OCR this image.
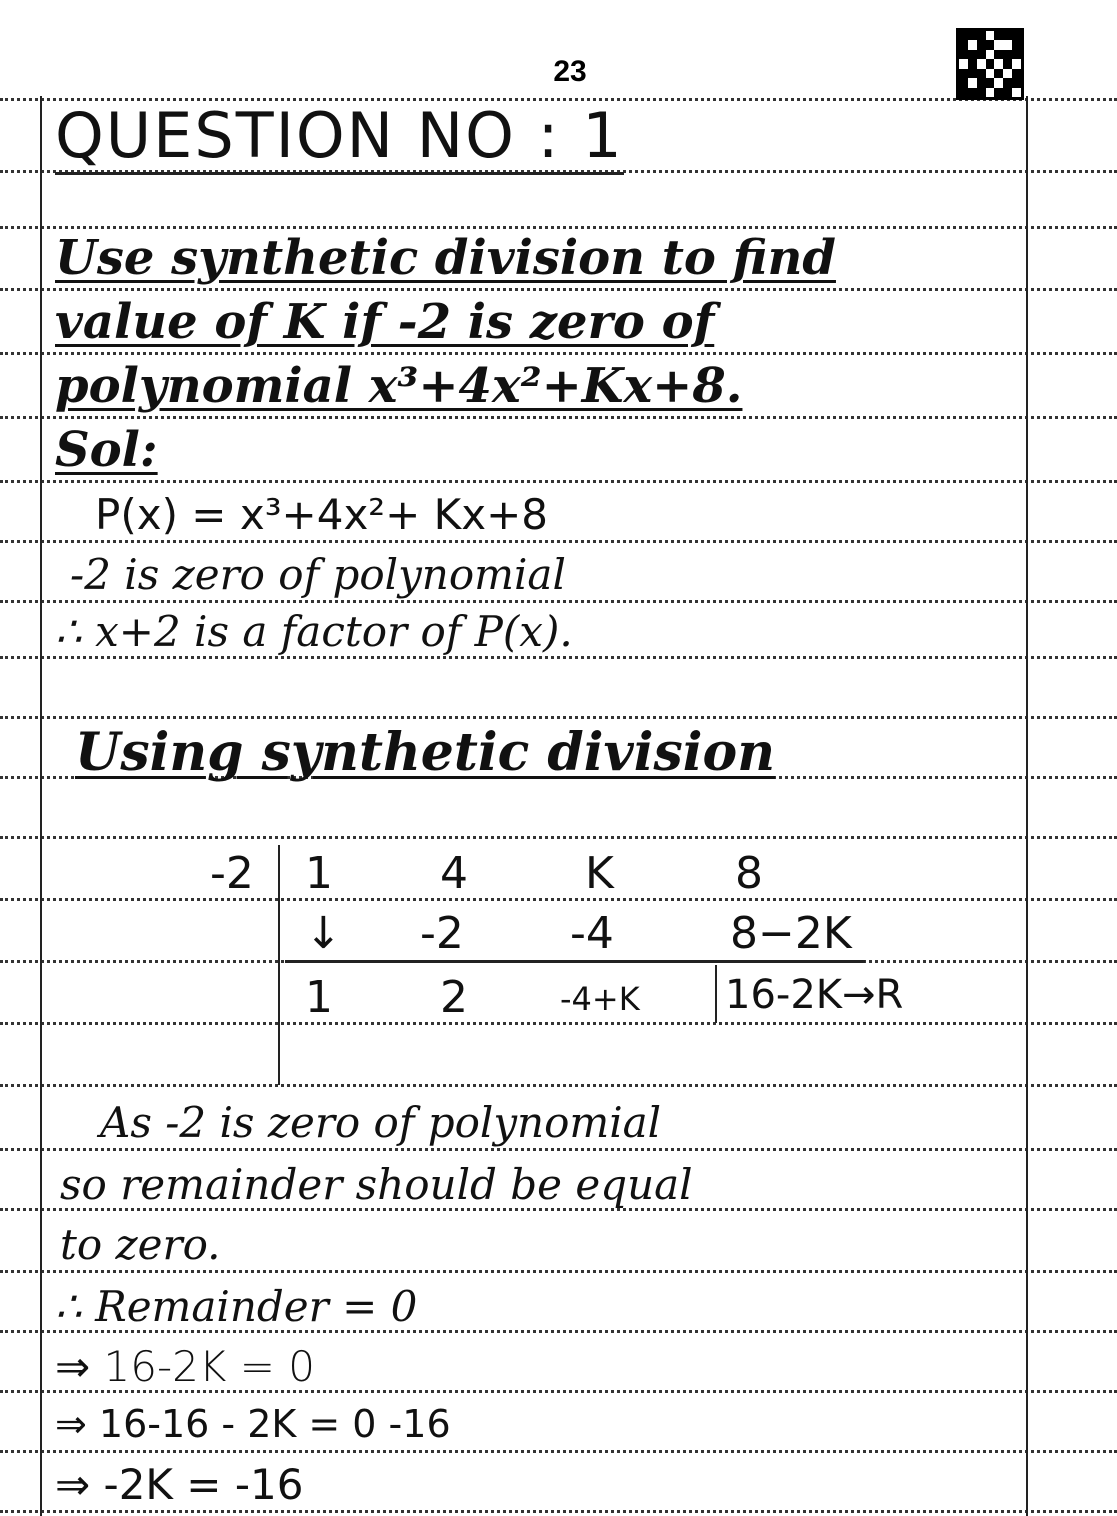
23
QUESTION NO : 1
Use synthetic division to find
value of K if -2 is zero of
polynomial x³+4x²+Kx+8.
Sol:
P(x) = x³+4x²+ Kx+8
-2 is zero of polynomial
∴ x+2 is a factor of P(x).
Using synthetic division
-2 1 4	K	8
↓ -2 -4	8−2K
1 2	-4+K 16-2K→R
As -2 is zero of polynomial
so remainder should be equal
to zero.
∴ Remainder = 0
⇒ 16-2K = 0
⇒ 16-16 - 2K = 0 -16
⇒ -2K = -16
